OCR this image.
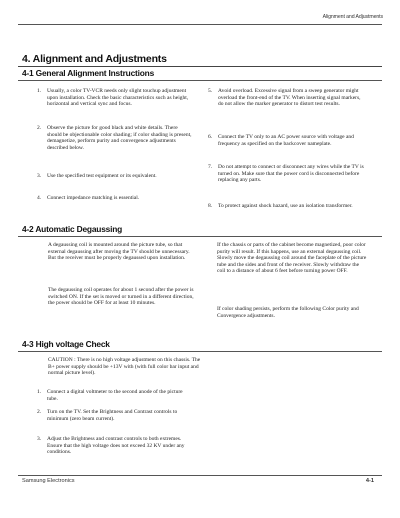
Alignment and Adjustments
4. Alignment and Adjustments
4-1 General Alignment Instructions
1. Usually, a color TV-VCR needs only slight touchup adjustment upon installation. Check the basic characteristics such as height, horizontal and vertical sync and focus.
2. Observe the picture for good black and white details. There should be objectionable color shading; if color shading is present, demagnetize, perform purity and convergence adjustments described below.
3. Use the specified test equipment or its equivalent.
4. Connect impedance matching is essential.
5. Avoid overload. Excessive signal from a sweep generator might overload the front-end of the TV. When inserting signal markers, do not allow the marker generator to distort test results.
6. Connect the TV only to an AC power source with voltage and frequency as specified on the backcover nameplate.
7. Do not attempt to connect or disconnect any wires while the TV is turned on. Make sure that the power cord is disconnected before replacing any parts.
8. To protect against shock hazard, use an isolation transformer.
4-2 Automatic Degaussing
A degaussing coil is mounted around the picture tube, so that external degaussing after moving the TV should be unnecessary. But the receiver must be properly degaussed upon installation.
The degaussing coil operates for about 1 second after the power is switched ON. If the set is moved or turned in a different direction, the power should be OFF for at least 10 minutes.
If the chassis or parts of the cabinet become magnetized, poor color purity will result. If this happens, use an external degaussing coil. Slowly move the degaussing coil around the faceplate of the picture tube and the sides and front of the receiver. Slowly withdraw the coil to a distance of about 6 feet before turning power OFF.
If color shading persists, perform the following Color purity and Convergence adjustments.
4-3 High voltage Check
CAUTION : There is no high voltage adjustment on this chassis. The B+ power supply should be +13V with (with full color bar input and normal picture level).
1. Connect a digital voltmeter to the second anode of the picture tube.
2. Turn on the TV. Set the Brightness and Contrast controls to minimum (zero beam current).
3. Adjust the Brightness and contrast controls to both extremes. Ensure that the high voltage does not exceed 32 KV under any conditions.
Samsung Electronics	4-1
